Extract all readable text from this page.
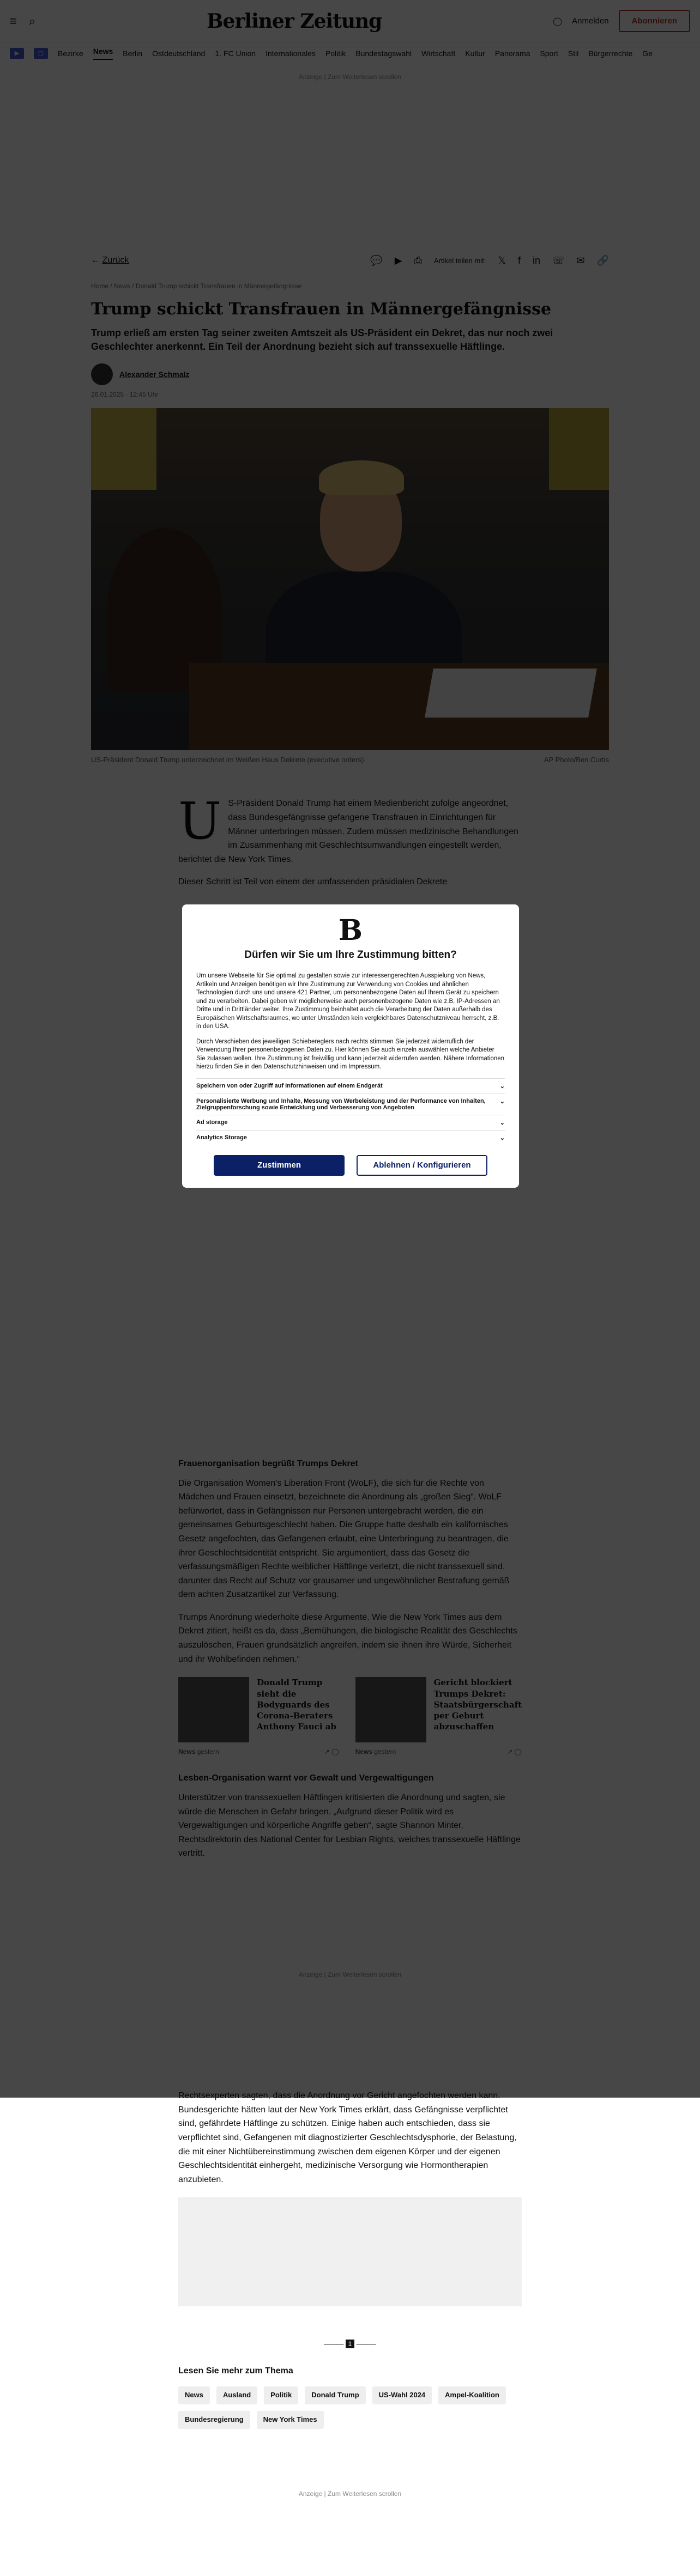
Bundesgerichte hätten laut der New York Times erklärt, dass Gefängnisse verpflichtet sind, gefährdete Häftlinge zu schützen. Einige haben auch entschieden, dass sie verpflichtet sind, Gefangenen mit diagnostizierter Geschlechtsdysphorie, der Belastung, die mit einer Nichtübereinstimmung zwischen dem eigenen Körper und der eigenen Geschlechtsidentität einhergeht, medizinische Versorgung wie Hormontherapien anzubieten.

——— 1 ———
Lesen Sie mehr zum Thema
News	Ausland	Politik	Donald Trump	US-Wahl 2024	Ampel-Koalition
Bundesregierung	New York Times
Anzeige | Zum Weiterlesen scrollen
B
Dürfen wir Sie um Ihre Zustimmung bitten?

Um unsere Webseite für Sie optimal zu gestalten sowie zur interessengerechten Ausspielung von News, Artikeln und Anzeigen benötigen wir Ihre Zustimmung zur Verwendung von Cookies und ähnlichen Technologien durch uns und unsere 421 Partner, um personenbezogene Daten auf Ihrem Gerät zu speichern und zu verarbeiten. Dabei geben wir möglicherweise auch personenbezogene Daten wie z.B. IP-Adressen an Dritte und in Drittländer weiter. Ihre Zustimmung beinhaltet auch die Verarbeitung der Daten außerhalb des Europäischen Wirtschaftsraumes, wo unter Umständen kein vergleichbares Datenschutzniveau herrscht, z.B. in den USA.

Durch Verschieben des jeweiligen Schiebereglers nach rechts stimmen Sie jederzeit widerruflich der Verwendung Ihrer personenbezogenen Daten zu. Hier können Sie auch einzeln auswählen welche Anbieter Sie zulassen wollen. Ihre Zustimmung ist freiwillig und kann jederzeit widerrufen werden. Nähere Informationen hierzu finden Sie in den Datenschutzhinweisen und im Impressum.

Speichern von oder Zugriff auf Informationen auf einem Endgerät	⌄
Personalisierte Werbung und Inhalte, Messung von Werbeleistung und der Performance von Inhalten, Zielgruppenforschung sowie Entwicklung und Verbesserung von Angeboten
⌄
Ad storage	⌄
Analytics Storage	⌄
Zustimmen	Ablehnen / Konfigurieren
